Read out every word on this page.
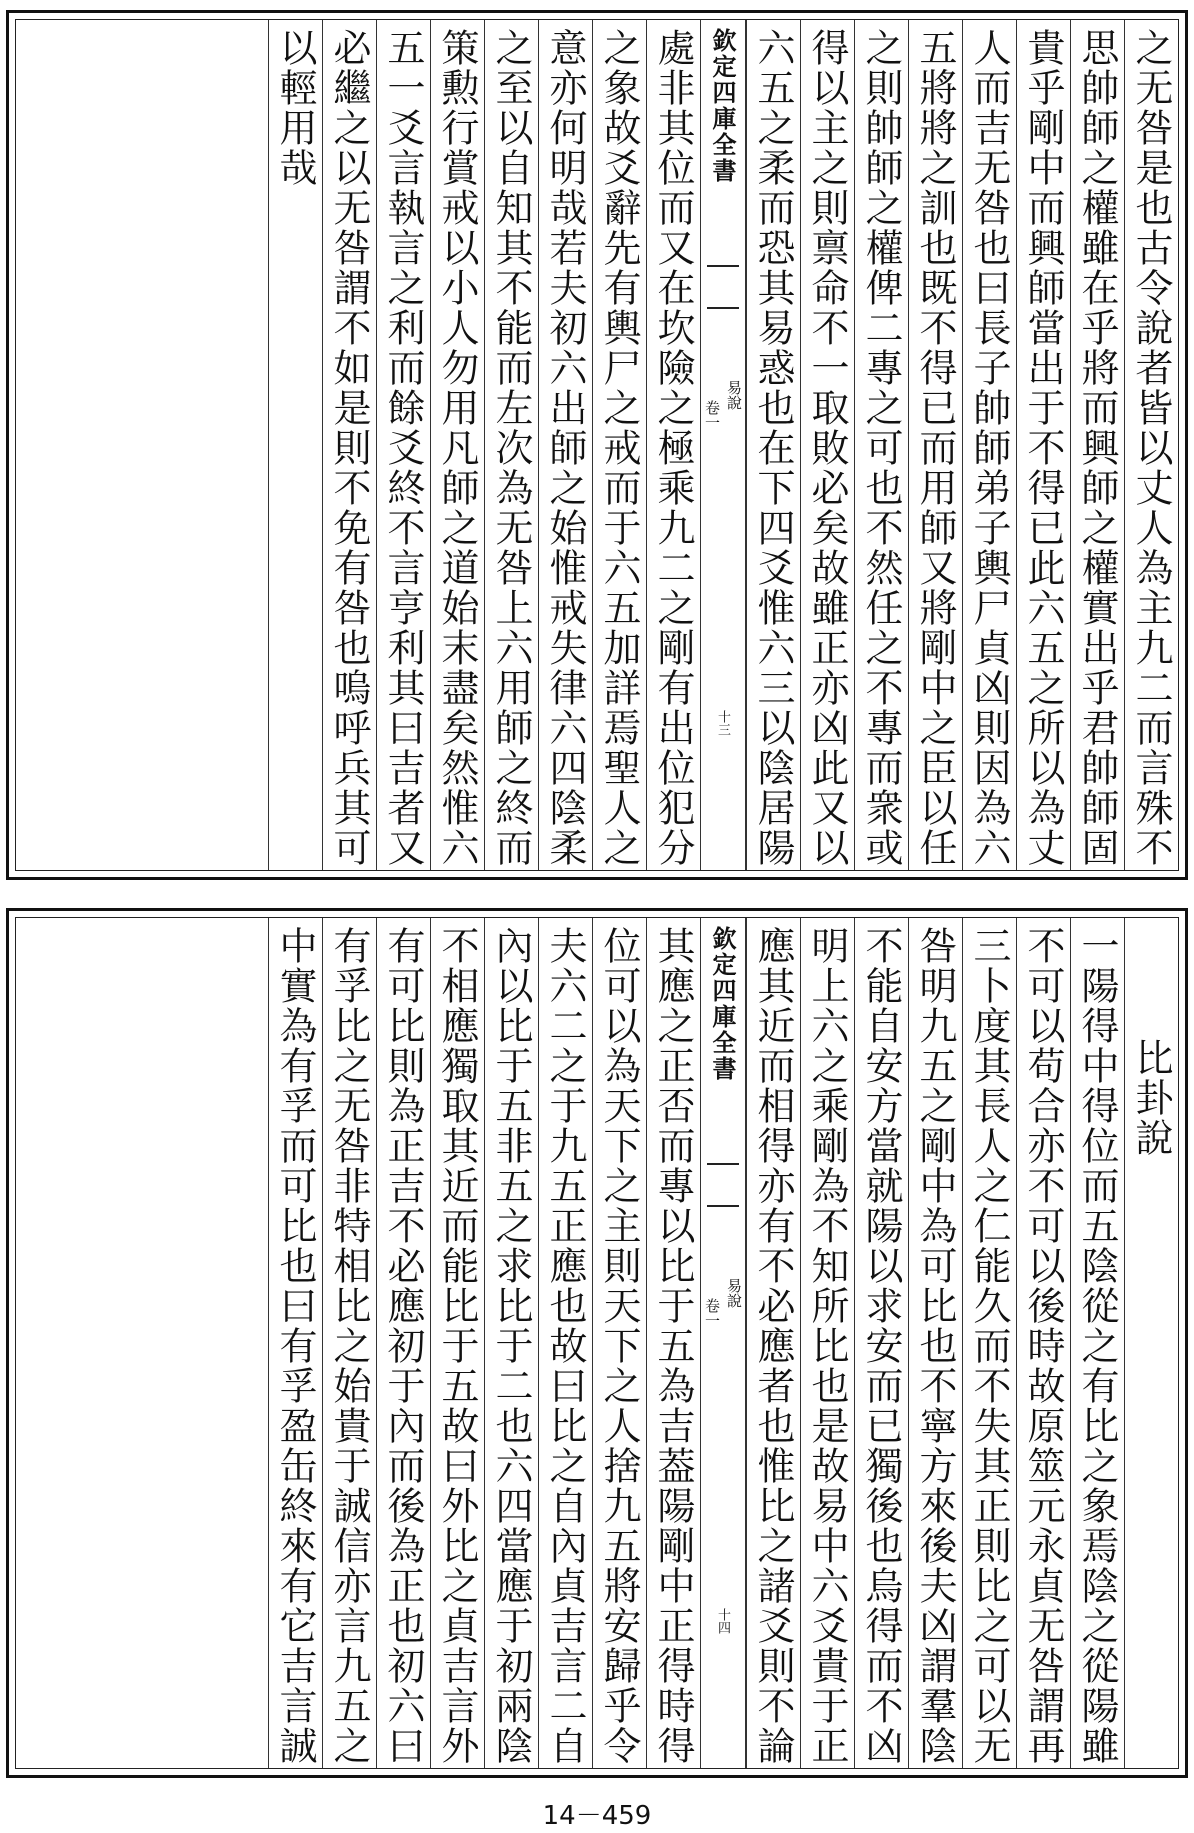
之无咎是也古令說者皆以丈人為主九二而言殊不
思帥師之權雖在乎將而興師之權實出乎君帥師固
貴乎剛中而興師當出于不得已此六五之所以為丈
人而吉无咎也曰長子帥師弟子輿尸貞凶則因為六
五將將之訓也既不得已而用師又將剛中之臣以任
之則帥師之權俾二專之可也不然任之不專而衆或
得以主之則禀命不一取敗必矣故雖正亦凶此又以
六五之柔而恐其易惑也在下四爻惟六三以陰居陽
欽定四庫全書
易說
卷一
十三
處非其位而又在坎險之極乘九二之剛有出位犯分
之象故爻辭先有輿尸之戒而于六五加詳焉聖人之
意亦何明哉若夫初六出師之始惟戒失律六四陰柔
之至以自知其不能而左次為无咎上六用師之終而
策勲行賞戒以小人勿用凡師之道始末盡矣然惟六
五一爻言執言之利而餘爻終不言亨利其曰吉者又
必繼之以无咎謂不如是則不免有咎也嗚呼兵其可
以輕用哉
比卦說
一陽得中得位而五陰從之有比之象焉陰之從陽雖
不可以苟合亦不可以後時故原筮元永貞无咎謂再
三卜度其長人之仁能久而不失其正則比之可以无
咎明九五之剛中為可比也不寧方來後夫凶謂羣陰
不能自安方當就陽以求安而已獨後也烏得而不凶
明上六之乘剛為不知所比也是故易中六爻貴于正
應其近而相得亦有不必應者也惟比之諸爻則不論
欽定四庫全書
易說
卷一
十四
其應之正否而專以比于五為吉葢陽剛中正得時得
位可以為天下之主則天下之人捨九五將安歸乎令
夫六二之于九五正應也故曰比之自內貞吉言二自
內以比于五非五之求比于二也六四當應于初兩陰
不相應獨取其近而能比于五故曰外比之貞吉言外
有可比則為正吉不必應初于內而後為正也初六曰
有孚比之无咎非特相比之始貴于誠信亦言九五之
中實為有孚而可比也曰有孚盈缶終來有它吉言誠
14－459
